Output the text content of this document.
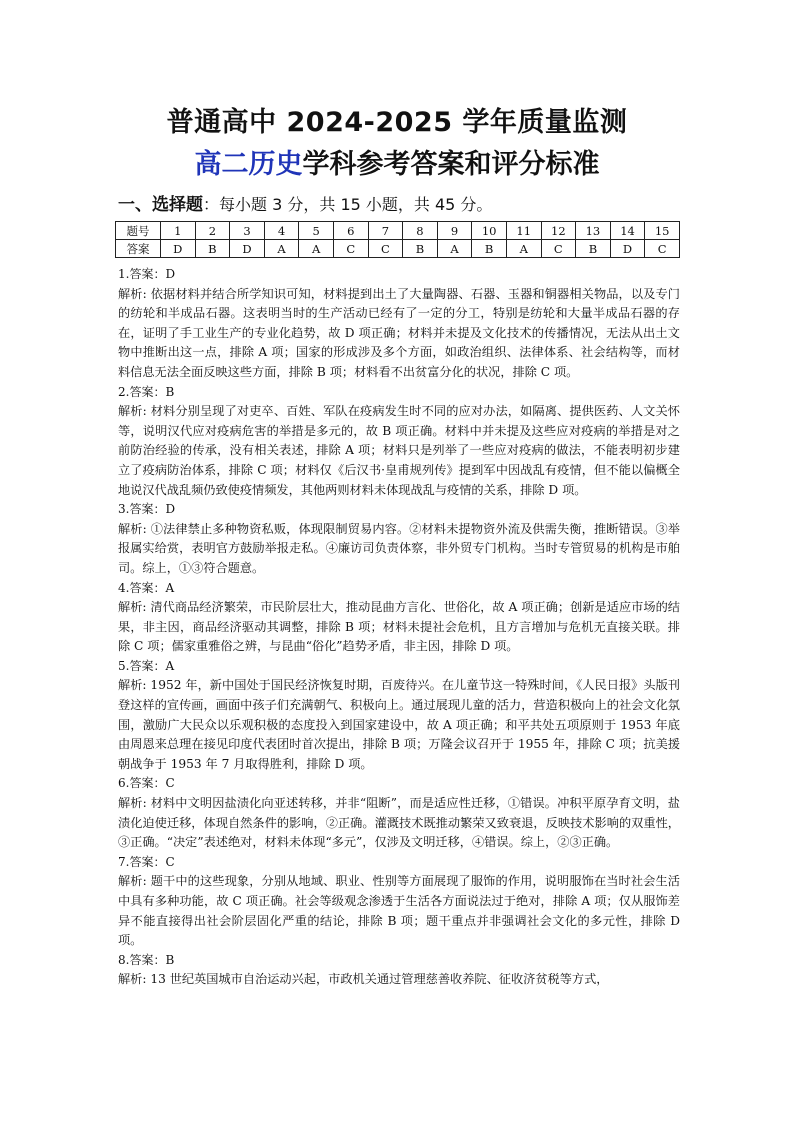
普通高中 2024-2025 学年质量监测
高二历史学科参考答案和评分标准
一、选择题：每小题 3 分，共 15 小题，共 45 分。
题号	1	2	3	4	5	6	7	8	9	10	11	12	13	14	15
答案	D	B	D	A	A	C	C	B	A	B	A	C	B	D	C

1.答案：D

解析: 依据材料并结合所学知识可知，材料提到出土了大量陶器、石器、玉器和铜器相关物品，以及专门的纺轮和半成品石器。这表明当时的生产活动已经有了一定的分工，特别是纺轮和大量半成品石器的存在，证明了手工业生产的专业化趋势，故 D 项正确；材料并未提及文化技术的传播情况，无法从出土文物中推断出这一点，排除 A 项；国家的形成涉及多个方面，如政治组织、法律体系、社会结构等，而材料信息无法全面反映这些方面，排除 B 项；材料看不出贫富分化的状况，排除 C 项。

2.答案：B

解析: 材料分别呈现了对吏卒、百姓、军队在疫病发生时不同的应对办法，如隔离、提供医药、人文关怀等，说明汉代应对疫病危害的举措是多元的，故 B 项正确。材料中并未提及这些应对疫病的举措是对之前防治经验的传承，没有相关表述，排除 A 项；材料只是列举了一些应对疫病的做法，不能表明初步建立了疫病防治体系，排除 C 项；材料仅《后汉书·皇甫规列传》提到军中因战乱有疫情，但不能以偏概全地说汉代战乱频仍致使疫情频发，其他两则材料未体现战乱与疫情的关系，排除 D 项。

3.答案：D

解析: ①法律禁止多种物资私贩，体现限制贸易内容。②材料未提物资外流及供需失衡，推断错误。③举报属实给赏，表明官方鼓励举报走私。④廉访司负责体察，非外贸专门机构。当时专管贸易的机构是市舶司。综上，①③符合题意。

4.答案：A

解析: 清代商品经济繁荣，市民阶层壮大，推动昆曲方言化、世俗化，故 A 项正确；创新是适应市场的结果，非主因，商品经济驱动其调整，排除 B 项；材料未提社会危机，且方言增加与危机无直接关联。排除 C 项；儒家重雅俗之辨，与昆曲“俗化”趋势矛盾，非主因，排除 D 项。

5.答案：A

解析: 1952 年，新中国处于国民经济恢复时期，百废待兴。在儿童节这一特殊时间，《人民日报》头版刊登这样的宣传画，画面中孩子们充满朝气、积极向上。通过展现儿童的活力，营造积极向上的社会文化氛围，激励广大民众以乐观积极的态度投入到国家建设中，故 A 项正确；和平共处五项原则于 1953 年底由周恩来总理在接见印度代表团时首次提出，排除 B 项；万隆会议召开于 1955 年，排除 C 项；抗美援朝战争于 1953 年 7 月取得胜利，排除 D 项。

6.答案：C

解析: 材料中文明因盐渍化向亚述转移，并非“阻断”，而是适应性迁移，①错误。冲积平原孕育文明，盐渍化迫使迁移，体现自然条件的影响，②正确。灌溉技术既推动繁荣又致衰退，反映技术影响的双重性，③正确。“决定”表述绝对，材料未体现“多元”，仅涉及文明迁移，④错误。综上，②③正确。

7.答案：C

解析: 题干中的这些现象，分别从地域、职业、性别等方面展现了服饰的作用，说明服饰在当时社会生活中具有多种功能，故 C 项正确。社会等级观念渗透于生活各方面说法过于绝对，排除 A 项；仅从服饰差异不能直接得出社会阶层固化严重的结论，排除 B 项；题干重点并非强调社会文化的多元性，排除 D 项。

8.答案：B

解析: 13 世纪英国城市自治运动兴起，市政机关通过管理慈善收养院、征收济贫税等方式，
